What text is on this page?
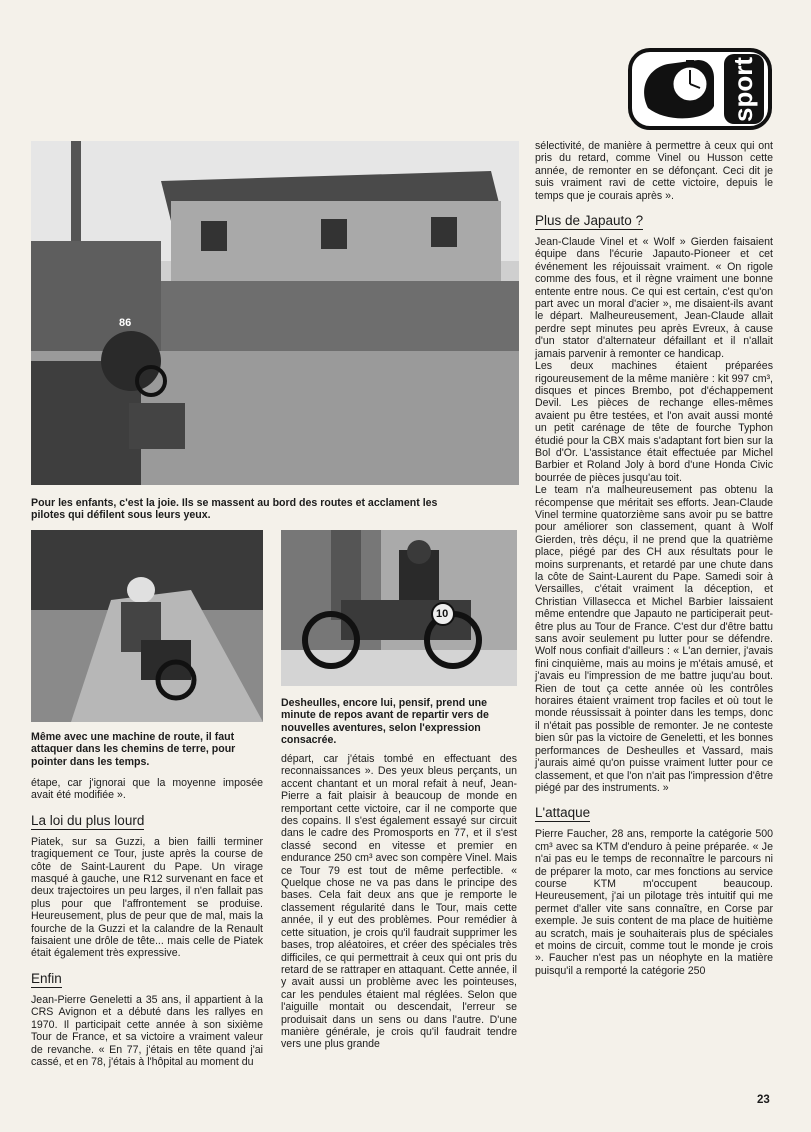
sport
86

Pour les enfants, c'est la joie. Ils se massent au bord des routes et acclament les pilotes qui défilent sous leurs yeux.

Même avec une machine de route, il faut attaquer dans les chemins de terre, pour pointer dans les temps.

10

Desheulles, encore lui, pensif, prend une minute de repos avant de repartir vers de nouvelles aventures, selon l'expression consacrée.

étape, car j'ignorai que la moyenne imposée avait été modifiée ».

La loi du plus lourd

Piatek, sur sa Guzzi, a bien failli terminer tragiquement ce Tour, juste après la course de côte de Saint-Laurent du Pape. Un virage masqué à gauche, une R12 survenant en face et deux trajectoires un peu larges, il n'en fallait pas plus pour que l'affrontement se produise. Heureusement, plus de peur que de mal, mais la fourche de la Guzzi et la calandre de la Renault faisaient une drôle de tête... mais celle de Piatek était également très expressive.

Enfin

Jean-Pierre Geneletti a 35 ans, il appartient à la CRS Avignon et a débuté dans les rallyes en 1970. Il participait cette année à son sixième Tour de France, et sa victoire a vraiment valeur de revanche. « En 77, j'étais en tête quand j'ai cassé, et en 78, j'étais à l'hôpital au moment du

départ, car j'étais tombé en effectuant des reconnaissances ». Des yeux bleus perçants, un accent chantant et un moral refait à neuf, Jean-Pierre a fait plaisir à beaucoup de monde en remportant cette victoire, car il ne comporte que des copains. Il s'est également essayé sur circuit dans le cadre des Promosports en 77, et il s'est classé second en vitesse et premier en endurance 250 cm³ avec son compère Vinel. Mais ce Tour 79 est tout de même perfectible. « Quelque chose ne va pas dans le principe des bases. Cela fait deux ans que je remporte le classement régularité dans le Tour, mais cette année, il y eut des problèmes. Pour remédier à cette situation, je crois qu'il faudrait supprimer les bases, trop aléatoires, et créer des spéciales très difficiles, ce qui permettrait à ceux qui ont pris du retard de se rattraper en attaquant. Cette année, il y avait aussi un problème avec les pointeuses, car les pendules étaient mal réglées. Selon que l'aiguille montait ou descendait, l'erreur se produisait dans un sens ou dans l'autre. D'une manière générale, je crois qu'il faudrait tendre vers une plus grande

sélectivité, de manière à permettre à ceux qui ont pris du retard, comme Vinel ou Husson cette année, de remonter en se défonçant. Ceci dit je suis vraiment ravi de cette victoire, depuis le temps que je courais après ».

Plus de Japauto ?

Jean-Claude Vinel et « Wolf » Gierden faisaient équipe dans l'écurie Japauto-Pioneer et cet événement les réjouissait vraiment. « On rigole comme des fous, et il règne vraiment une bonne entente entre nous. Ce qui est certain, c'est qu'on part avec un moral d'acier », me disaient-ils avant le départ. Malheureusement, Jean-Claude allait perdre sept minutes peu après Evreux, à cause d'un stator d'alternateur défaillant et il n'allait jamais parvenir à remonter ce handicap.

Les deux machines étaient préparées rigoureusement de la même manière : kit 997 cm³, disques et pinces Brembo, pot d'échappement Devil. Les pièces de rechange elles-mêmes avaient pu être testées, et l'on avait aussi monté un petit carénage de tête de fourche Typhon étudié pour la CBX mais s'adaptant fort bien sur la Bol d'Or. L'assistance était effectuée par Michel Barbier et Roland Joly à bord d'une Honda Civic bourrée de pièces jusqu'au toit.

Le team n'a malheureusement pas obtenu la récompense que méritait ses efforts. Jean-Claude Vinel termine quatorzième sans avoir pu se battre pour améliorer son classement, quant à Wolf Gierden, très déçu, il ne prend que la quatrième place, piégé par des CH aux résultats pour le moins surprenants, et retardé par une chute dans la côte de Saint-Laurent du Pape. Samedi soir à Versailles, c'était vraiment la déception, et Christian Villasecca et Michel Barbier laissaient même entendre que Japauto ne participerait peut-être plus au Tour de France. C'est dur d'être battu sans avoir seulement pu lutter pour se défendre. Wolf nous confiait d'ailleurs : « L'an dernier, j'avais fini cinquième, mais au moins je m'étais amusé, et j'avais eu l'impression de me battre juqu'au bout. Rien de tout ça cette année où les contrôles horaires étaient vraiment trop faciles et où tout le monde réussissait à pointer dans les temps, donc il n'était pas possible de remonter. Je ne conteste bien sûr pas la victoire de Geneletti, et les bonnes performances de Desheulles et Vassard, mais j'aurais aimé qu'on puisse vraiment lutter pour ce classement, et que l'on n'ait pas l'impression d'être piégé par des instruments. »

L'attaque

Pierre Faucher, 28 ans, remporte la catégorie 500 cm³ avec sa KTM d'enduro à peine préparée. « Je n'ai pas eu le temps de reconnaître le parcours ni de préparer la moto, car mes fonctions au service course KTM m'occupent beaucoup. Heureusement, j'ai un pilotage très intuitif qui me permet d'aller vite sans connaître, en Corse par exemple. Je suis content de ma place de huitième au scratch, mais je souhaiterais plus de spéciales et moins de circuit, comme tout le monde je crois ». Faucher n'est pas un néophyte en la matière puisqu'il a remporté la catégorie 250

23
